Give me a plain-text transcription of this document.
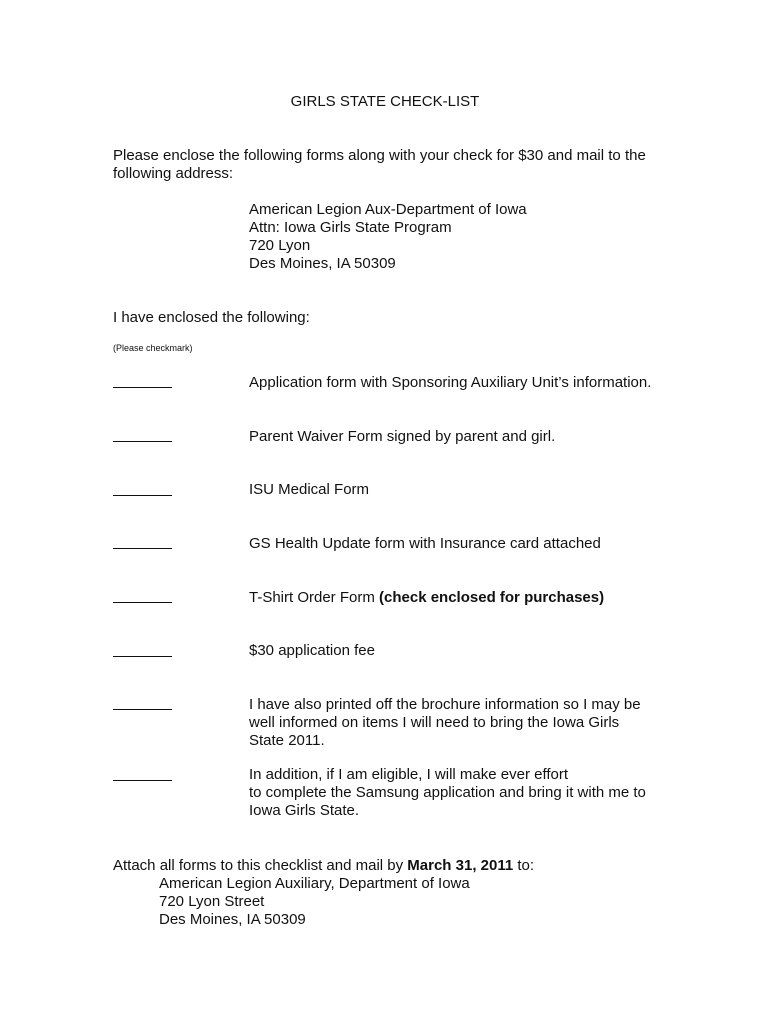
GIRLS STATE CHECK-LIST

Please enclose the following forms along with your check for $30 and mail to the following address:

American Legion Aux-Department of Iowa
Attn: Iowa Girls State Program
720 Lyon
Des Moines, IA 50309
I have enclosed the following:
(Please checkmark)
Application form with Sponsoring Auxiliary Unit’s information.
Parent Waiver Form signed by parent and girl.
ISU Medical Form
GS Health Update form with Insurance card attached
T-Shirt Order Form (check enclosed for purchases)
$30 application fee
I have also printed off the brochure information so I may be well informed on items I will need to bring the Iowa Girls State 2011.
In addition, if I am eligible, I will make ever effort
to complete the Samsung application and bring it with me to
Iowa Girls State.
Attach all forms to this checklist and mail by March 31, 2011 to:
American Legion Auxiliary, Department of Iowa
720 Lyon Street
Des Moines, IA 50309
